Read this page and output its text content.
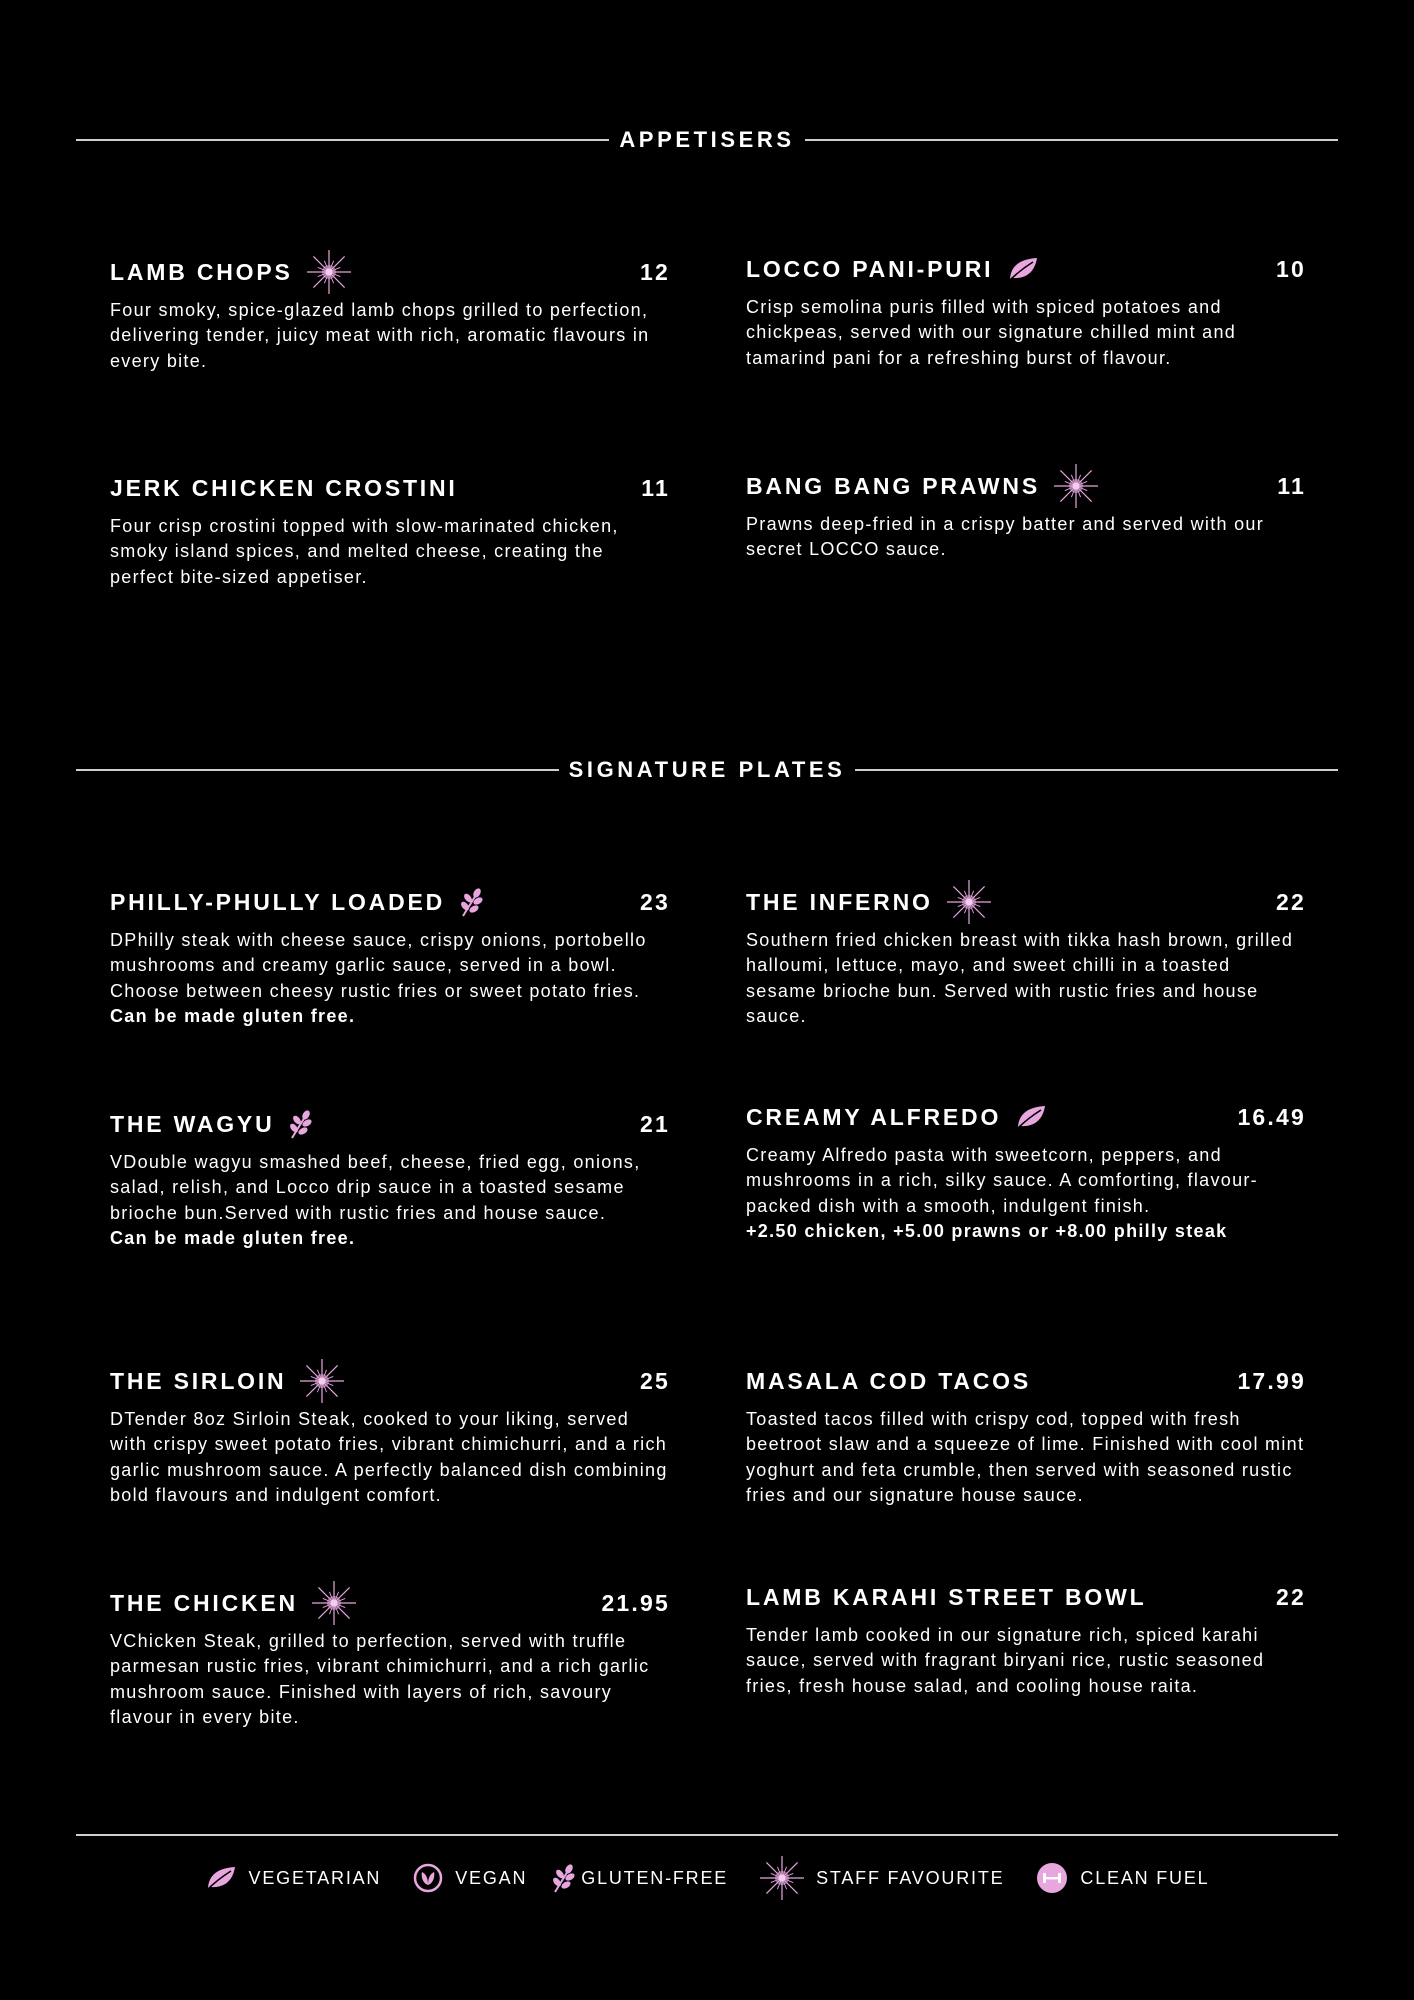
APPETISERS
LAMB CHOPS	12
Four smoky, spice-glazed lamb chops grilled to perfection, delivering tender, juicy meat with rich, aromatic flavours in every bite.
LOCCO PANI-PURI	10
Crisp semolina puris filled with spiced potatoes and chickpeas, served with our signature chilled mint and tamarind pani for a refreshing burst of flavour.
JERK CHICKEN CROSTINI	11
Four crisp crostini topped with slow-marinated chicken, smoky island spices, and melted cheese, creating the perfect bite-sized appetiser.
BANG BANG PRAWNS	11
Prawns deep-fried in a crispy batter and served with our secret LOCCO sauce.
SIGNATURE PLATES
PHILLY-PHULLY LOADED	23
DPhilly steak with cheese sauce, crispy onions, portobello mushrooms and creamy garlic sauce, served in a bowl. Choose between cheesy rustic fries or sweet potato fries.
Can be made gluten free.
THE INFERNO	22
Southern fried chicken breast with tikka hash brown, grilled halloumi, lettuce, mayo, and sweet chilli in a toasted sesame brioche bun. Served with rustic fries and house sauce.
THE WAGYU	21
VDouble wagyu smashed beef, cheese, fried egg, onions, salad, relish, and Locco drip sauce in a toasted sesame brioche bun.Served with rustic fries and house sauce.
Can be made gluten free.
CREAMY ALFREDO	16.49
Creamy Alfredo pasta with sweetcorn, peppers, and mushrooms in a rich, silky sauce. A comforting, flavour-packed dish with a smooth, indulgent finish.
+2.50 chicken, +5.00 prawns or +8.00 philly steak
THE SIRLOIN	25
DTender 8oz Sirloin Steak, cooked to your liking, served with crispy sweet potato fries, vibrant chimichurri, and a rich garlic mushroom sauce. A perfectly balanced dish combining bold flavours and indulgent comfort.
MASALA COD TACOS	17.99
Toasted tacos filled with crispy cod, topped with fresh beetroot slaw and a squeeze of lime. Finished with cool mint yoghurt and feta crumble, then served with seasoned rustic fries and our signature house sauce.
THE CHICKEN	21.95
VChicken Steak, grilled to perfection, served with truffle parmesan rustic fries, vibrant chimichurri, and a rich garlic mushroom sauce. Finished with layers of rich, savoury flavour in every bite.
LAMB KARAHI STREET BOWL	22
Tender lamb cooked in our signature rich, spiced karahi sauce, served with fragrant biryani rice, rustic seasoned fries, fresh house salad, and cooling house raita.
VEGETARIAN	VEGAN	GLUTEN-FREE	STAFF FAVOURITE	CLEAN FUEL
